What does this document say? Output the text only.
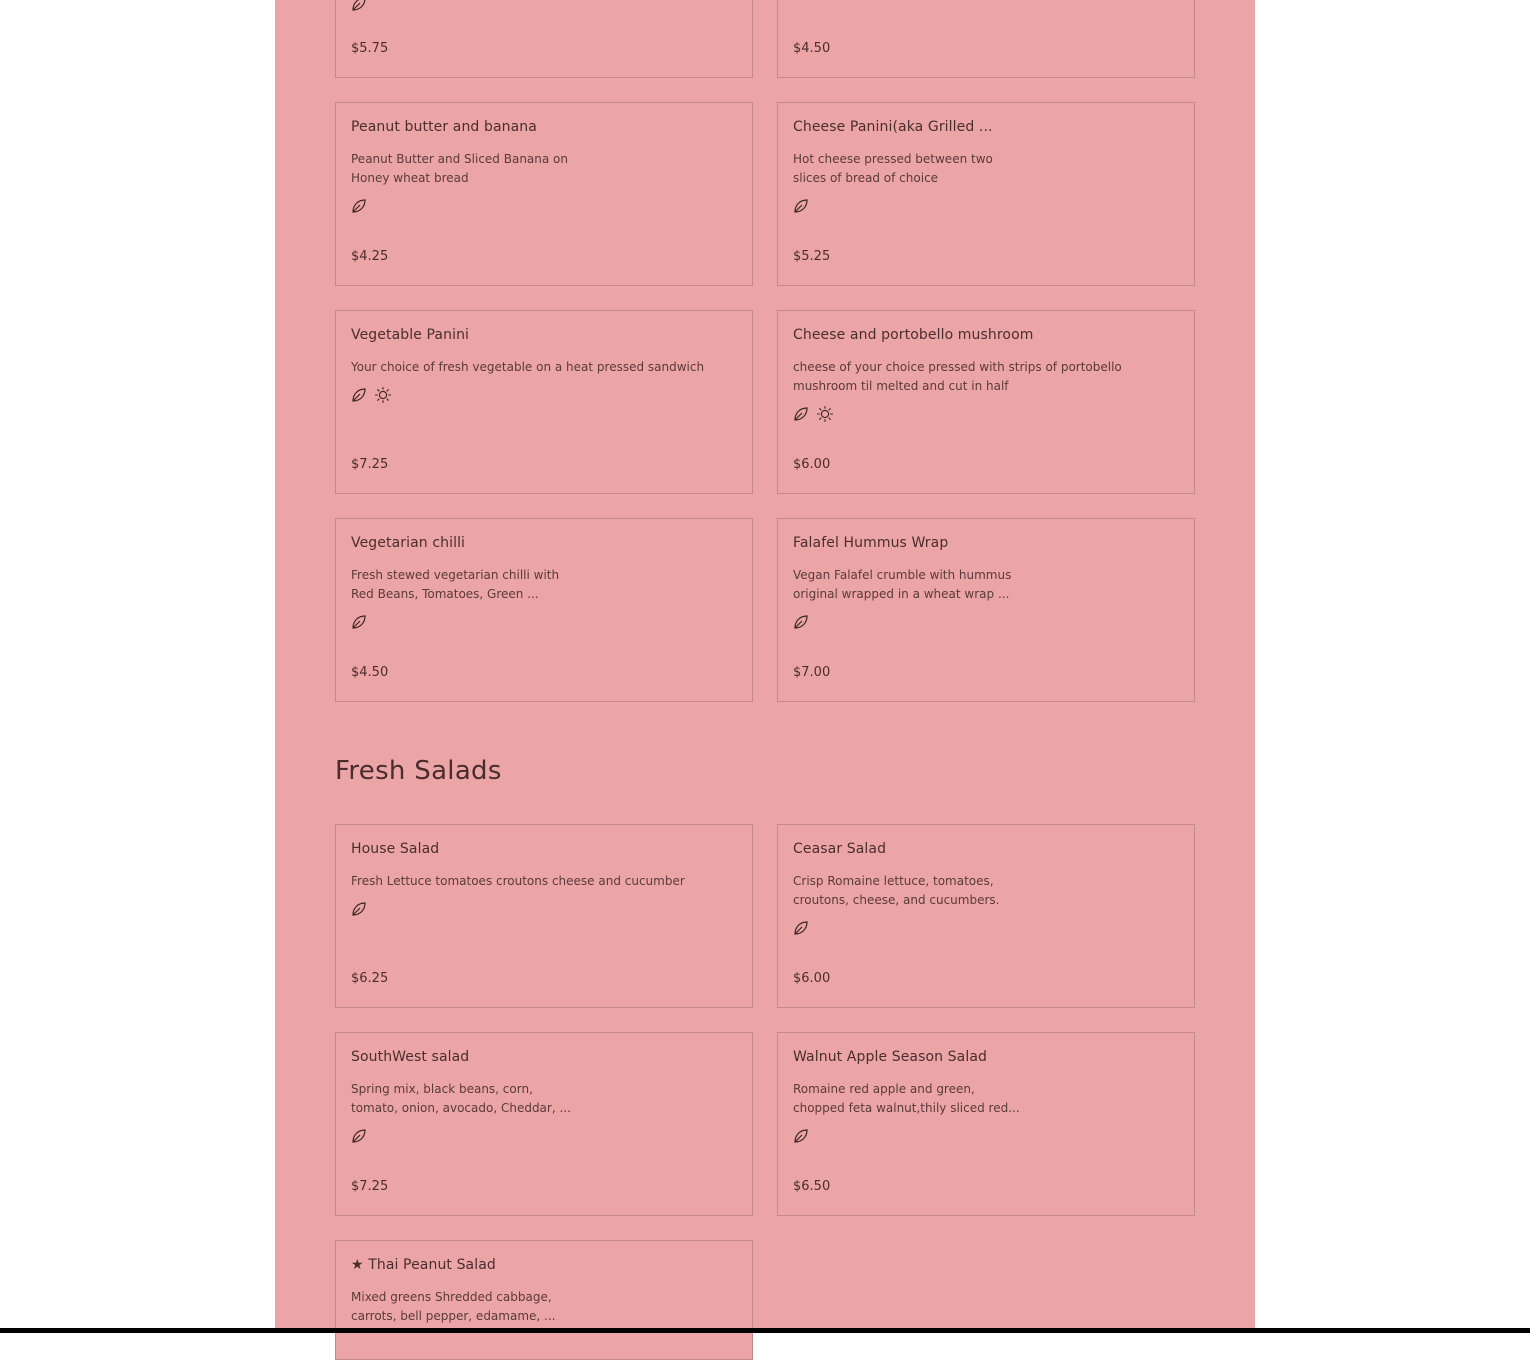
$5.75	$4.50
Peanut butter and banana
Peanut Butter and Sliced Banana on
Honey wheat bread
$4.25
Cheese Panini(aka Grilled ...
Hot cheese pressed between two
slices of bread of choice
$5.25
Vegetable Panini
Your choice of fresh vegetable on a heat pressed sandwich
$7.25
Cheese and portobello mushroom
cheese of your choice pressed with strips of portobello
mushroom til melted and cut in half
$6.00
Vegetarian chilli
Fresh stewed vegetarian chilli with
Red Beans, Tomatoes, Green ...
$4.50
Falafel Hummus Wrap
Vegan Falafel crumble with hummus
original wrapped in a wheat wrap ...
$7.00
Fresh Salads
House Salad
Fresh Lettuce tomatoes croutons cheese and cucumber
$6.25
Ceasar Salad
Crisp Romaine lettuce, tomatoes,
croutons, cheese, and cucumbers.
$6.00
SouthWest salad
Spring mix, black beans, corn,
tomato, onion, avocado, Cheddar, ...
$7.25
Walnut Apple Season Salad
Romaine red apple and green,
chopped feta walnut,thily sliced red...
$6.50
★ Thai Peanut Salad
Mixed greens Shredded cabbage,
carrots, bell pepper, edamame, ...
